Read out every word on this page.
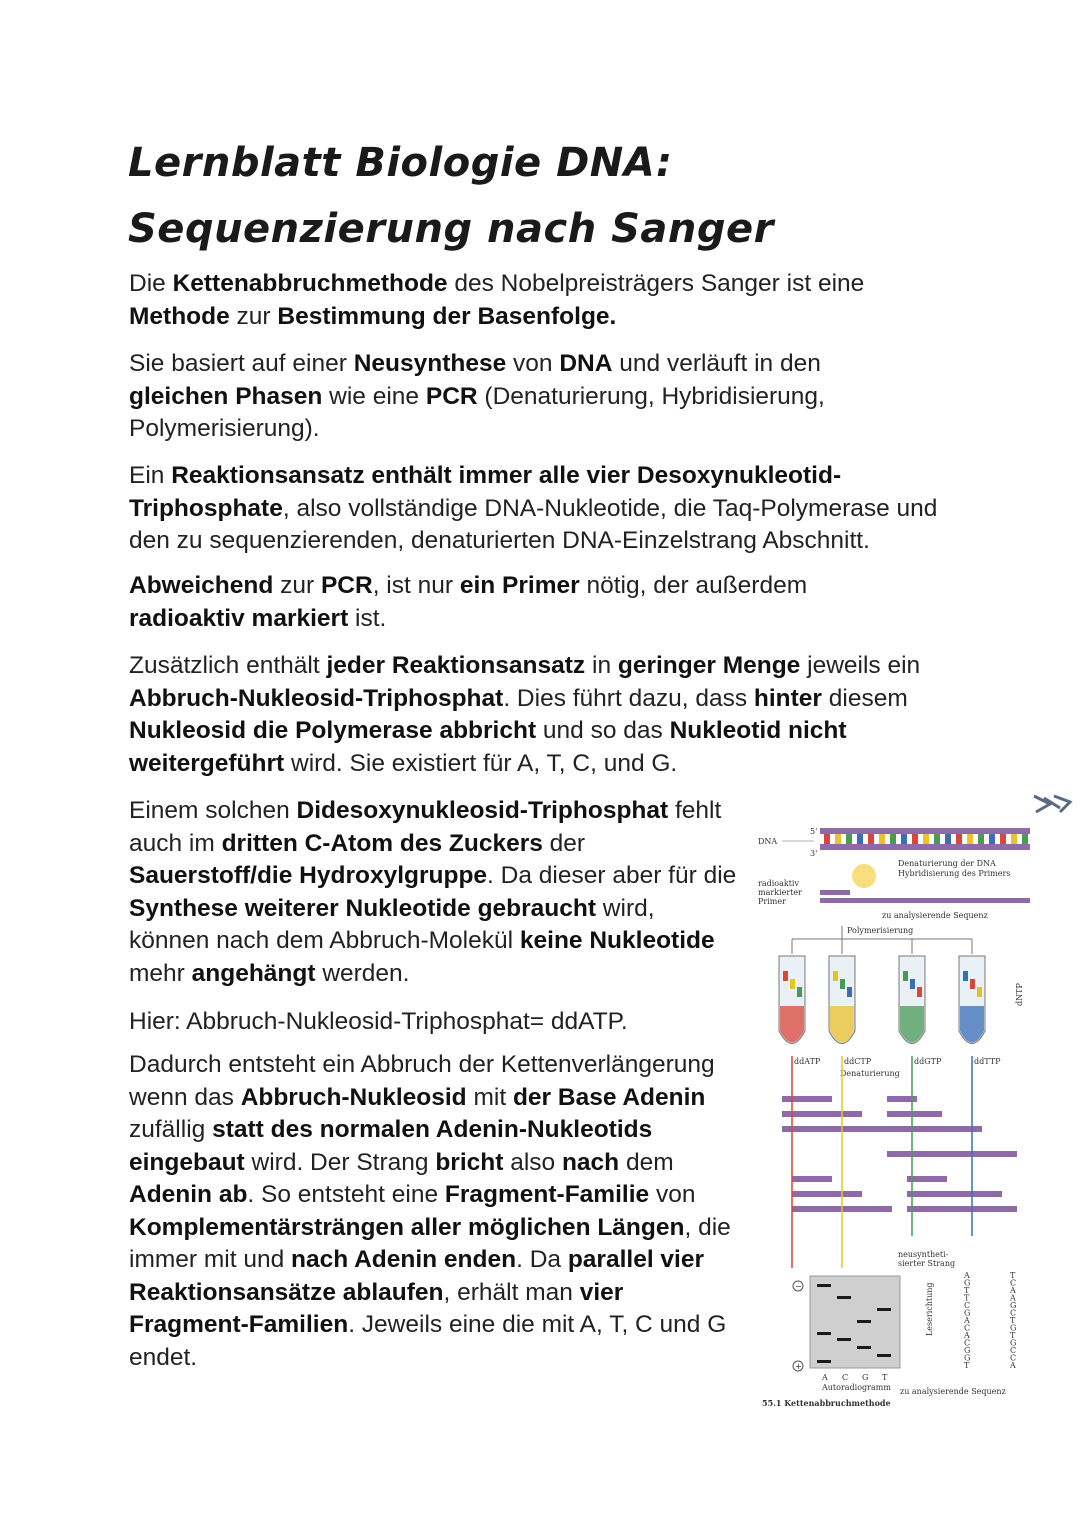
Lernblatt Biologie DNA: Sequenzierung nach Sanger

Die Kettenabbruchmethode des Nobelpreisträgers Sanger ist eine Methode zur Bestimmung der Basenfolge.

Sie basiert auf einer Neusynthese von DNA und verläuft in den gleichen Phasen wie eine PCR (Denaturierung, Hybridisierung, Polymerisierung).

Ein Reaktionsansatz enthält immer alle vier Desoxynukleotid-Triphosphate, also vollständige DNA-Nukleotide, die Taq-Polymerase und den zu sequenzierenden, denaturierten DNA-Einzelstrang Abschnitt.

Abweichend zur PCR, ist nur ein Primer nötig, der außerdem radioaktiv markiert ist.

Zusätzlich enthält jeder Reaktionsansatz in geringer Menge jeweils ein Abbruch-Nukleosid-Triphosphat. Dies führt dazu, dass hinter diesem Nukleosid die Polymerase abbricht und so das Nukleotid nicht weitergeführt wird. Sie existiert für A, T, C, und G.

Einem solchen Didesoxynukleosid-Triphosphat fehlt auch im dritten C-Atom des Zuckers der Sauerstoff/die Hydroxylgruppe. Da dieser aber für die Synthese weiterer Nukleotide gebraucht wird, können nach dem Abbruch-Molekül keine Nukleotide mehr angehängt werden.

Hier: Abbruch-Nukleosid-Triphosphat= ddATP.

Dadurch entsteht ein Abbruch der Kettenverlängerung wenn das Abbruch-Nukleosid mit der Base Adenin zufällig statt des normalen Adenin-Nukleotids eingebaut wird. Der Strang bricht also nach dem Adenin ab. So entsteht eine Fragment-Familie von Komplementärsträngen aller möglichen Längen, die immer mit und nach Adenin enden. Da parallel vier Reaktionsansätze ablaufen, erhält man vier Fragment-Familien. Jeweils eine die mit A, T, C und G endet.

DNA
5'
3'
radioaktiv
markierter
Primer
Denaturierung der DNA
Hybridisierung des Primers
zu analysierende Sequenz
Polymerisierung
ddATP	ddCTP	ddGTP	ddTTP
dNTP
Denaturierung
−
+
A C G T
Autoradiogramm
55.1 Kettenabbruchmethode
neusyntheti-
sierter Strang
Leserichtung
A
G
T
T
C
G
A
C
A
C
G
G
T
T
C
A
A
G
C
T
G
T
G
C
C
A
zu analysierende Sequenz
